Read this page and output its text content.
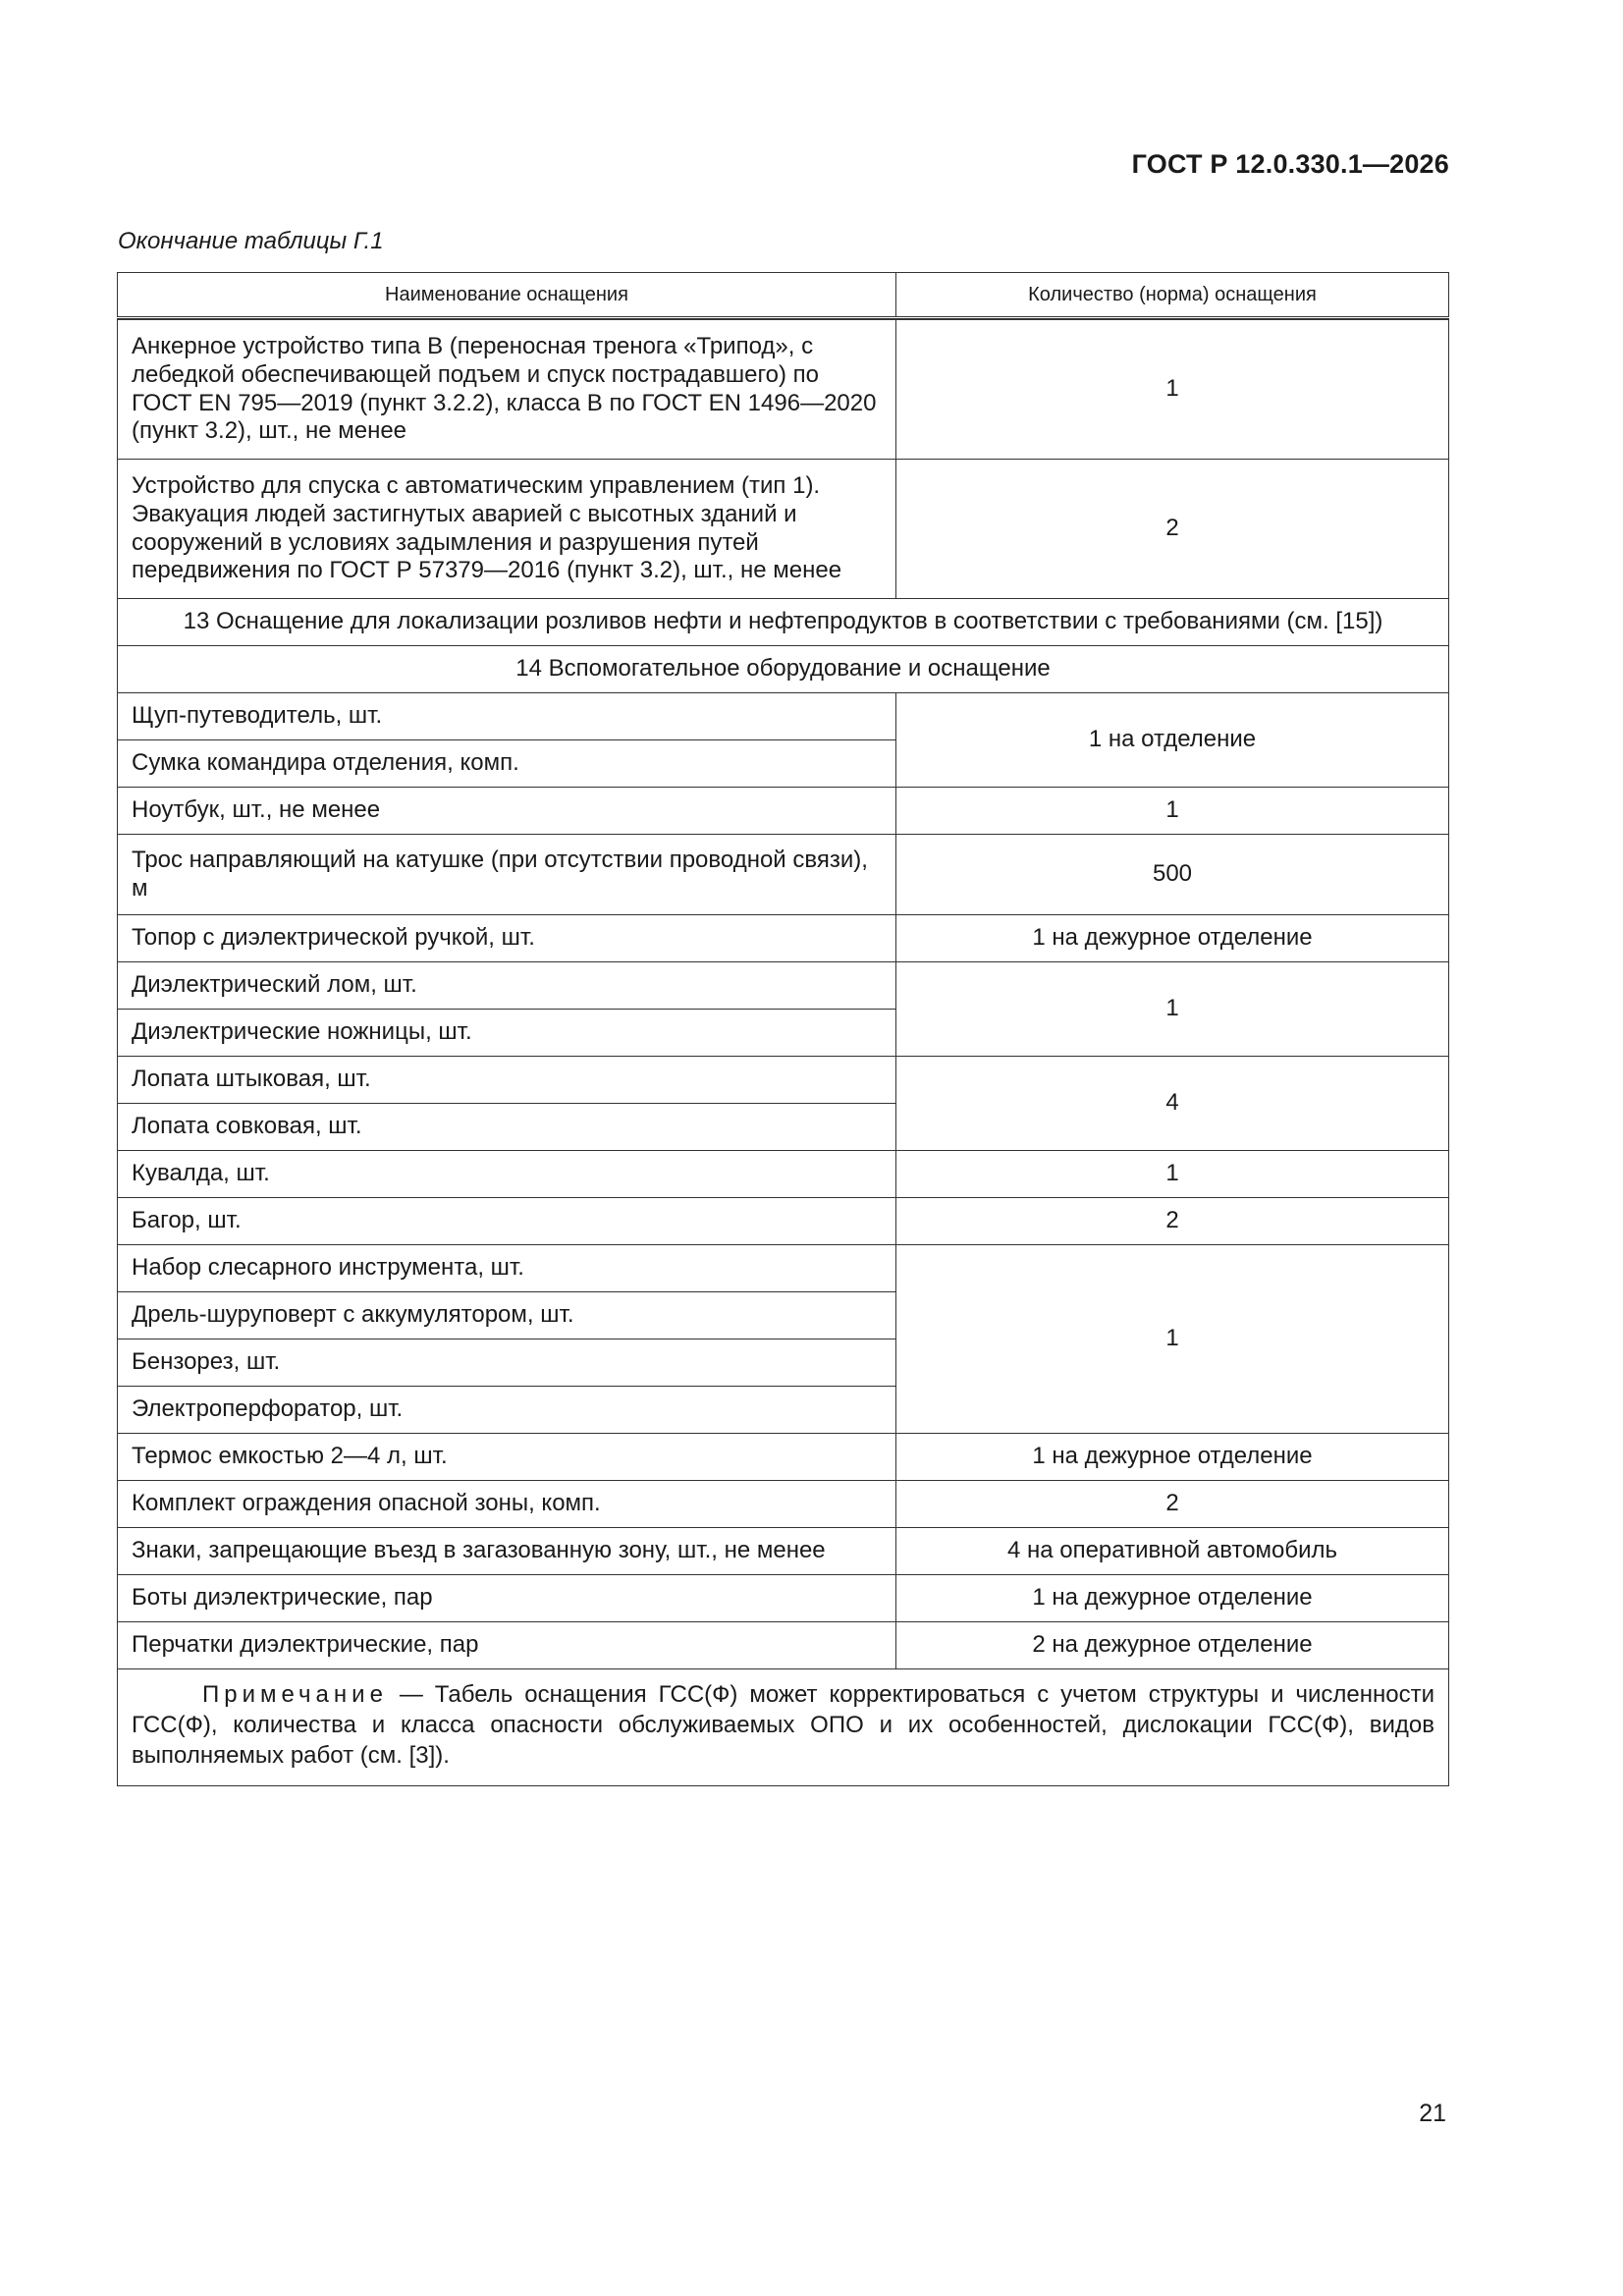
ГОСТ Р 12.0.330.1—2026
Окончание таблицы Г.1
Наименование оснащения	Количество (норма) оснащения

Анкерное устройство типа В (переносная тренога «Трипод», с лебедкой обеспечивающей подъем и спуск пострадавшего) по ГОСТ EN 795—2019 (пункт 3.2.2), класса В по ГОСТ EN 1496—2020 (пункт 3.2), шт., не менее	1
Устройство для спуска с автоматическим управлением (тип 1). Эвакуация людей застигнутых аварией с высотных зданий и сооружений в условиях задымления и разрушения путей передвижения по ГОСТ Р 57379—2016 (пункт 3.2), шт., не менее	2
13 Оснащение для локализации розливов нефти и нефтепродуктов в соответствии с требованиями (см. [15])	
14 Вспомогательное оборудование и оснащение	
Щуп-путеводитель, шт.	1 на отделение
Сумка командира отделения, комп.	
Ноутбук, шт., не менее	1
Трос направляющий на катушке (при отсутствии проводной связи), м	500
Топор с диэлектрической ручкой, шт.	1 на дежурное отделение
Диэлектрический лом, шт.	1
Диэлектрические ножницы, шт.	
Лопата штыковая, шт.	4
Лопата совковая, шт.	
Кувалда, шт.	1
Багор, шт.	2
Набор слесарного инструмента, шт.	1
Дрель-шуруповерт с аккумулятором, шт.	
Бензорез, шт.	
Электроперфоратор, шт.	
Термос емкостью 2—4 л, шт.	1 на дежурное отделение
Комплект ограждения опасной зоны, комп.	2
Знаки, запрещающие въезд в загазованную зону, шт., не менее	4 на оперативной автомобиль
Боты диэлектрические, пар	1 на дежурное отделение
Перчатки диэлектрические, пар	2 на дежурное отделение
Примечание — Табель оснащения ГСС(Ф) может корректироваться с учетом структуры и численности ГСС(Ф), количества и класса опасности обслуживаемых ОПО и их особенностей, дислокации ГСС(Ф), видов выполняемых работ (см. [3]).	
21
